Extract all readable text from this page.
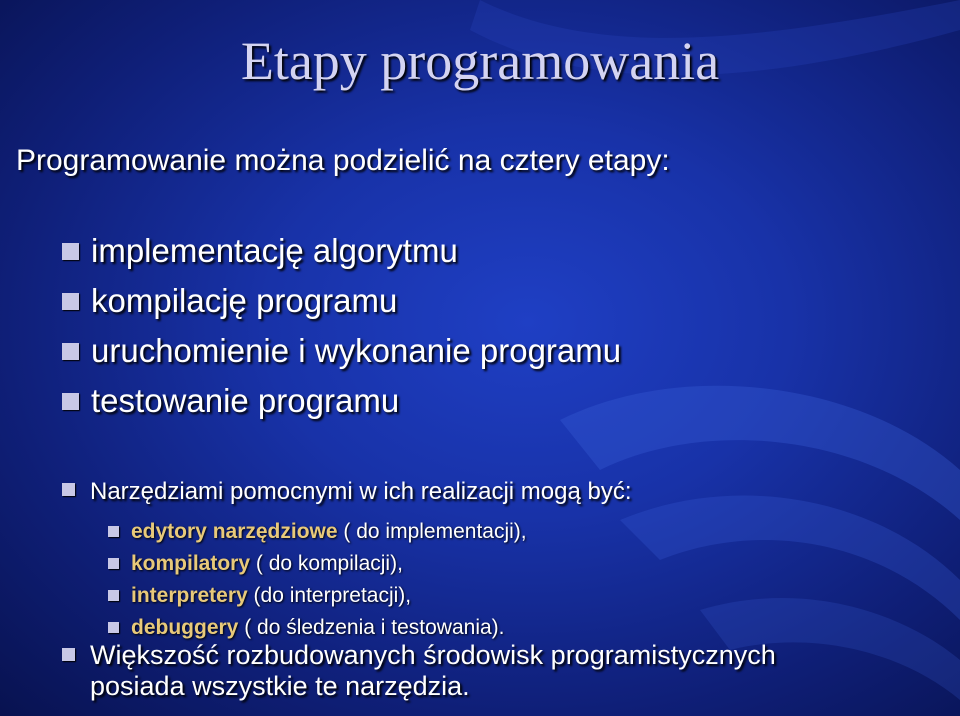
Etapy programowania
Programowanie można podzielić na cztery etapy:
implementację algorytmu
kompilację programu
uruchomienie i wykonanie programu
testowanie programu
Narzędziami pomocnymi w ich realizacji mogą być:
edytory narzędziowe ( do implementacji),
kompilatory ( do kompilacji),
interpretery (do interpretacji),
debuggery ( do śledzenia i testowania).
Większość rozbudowanych środowisk programistycznych
posiada wszystkie te narzędzia.
